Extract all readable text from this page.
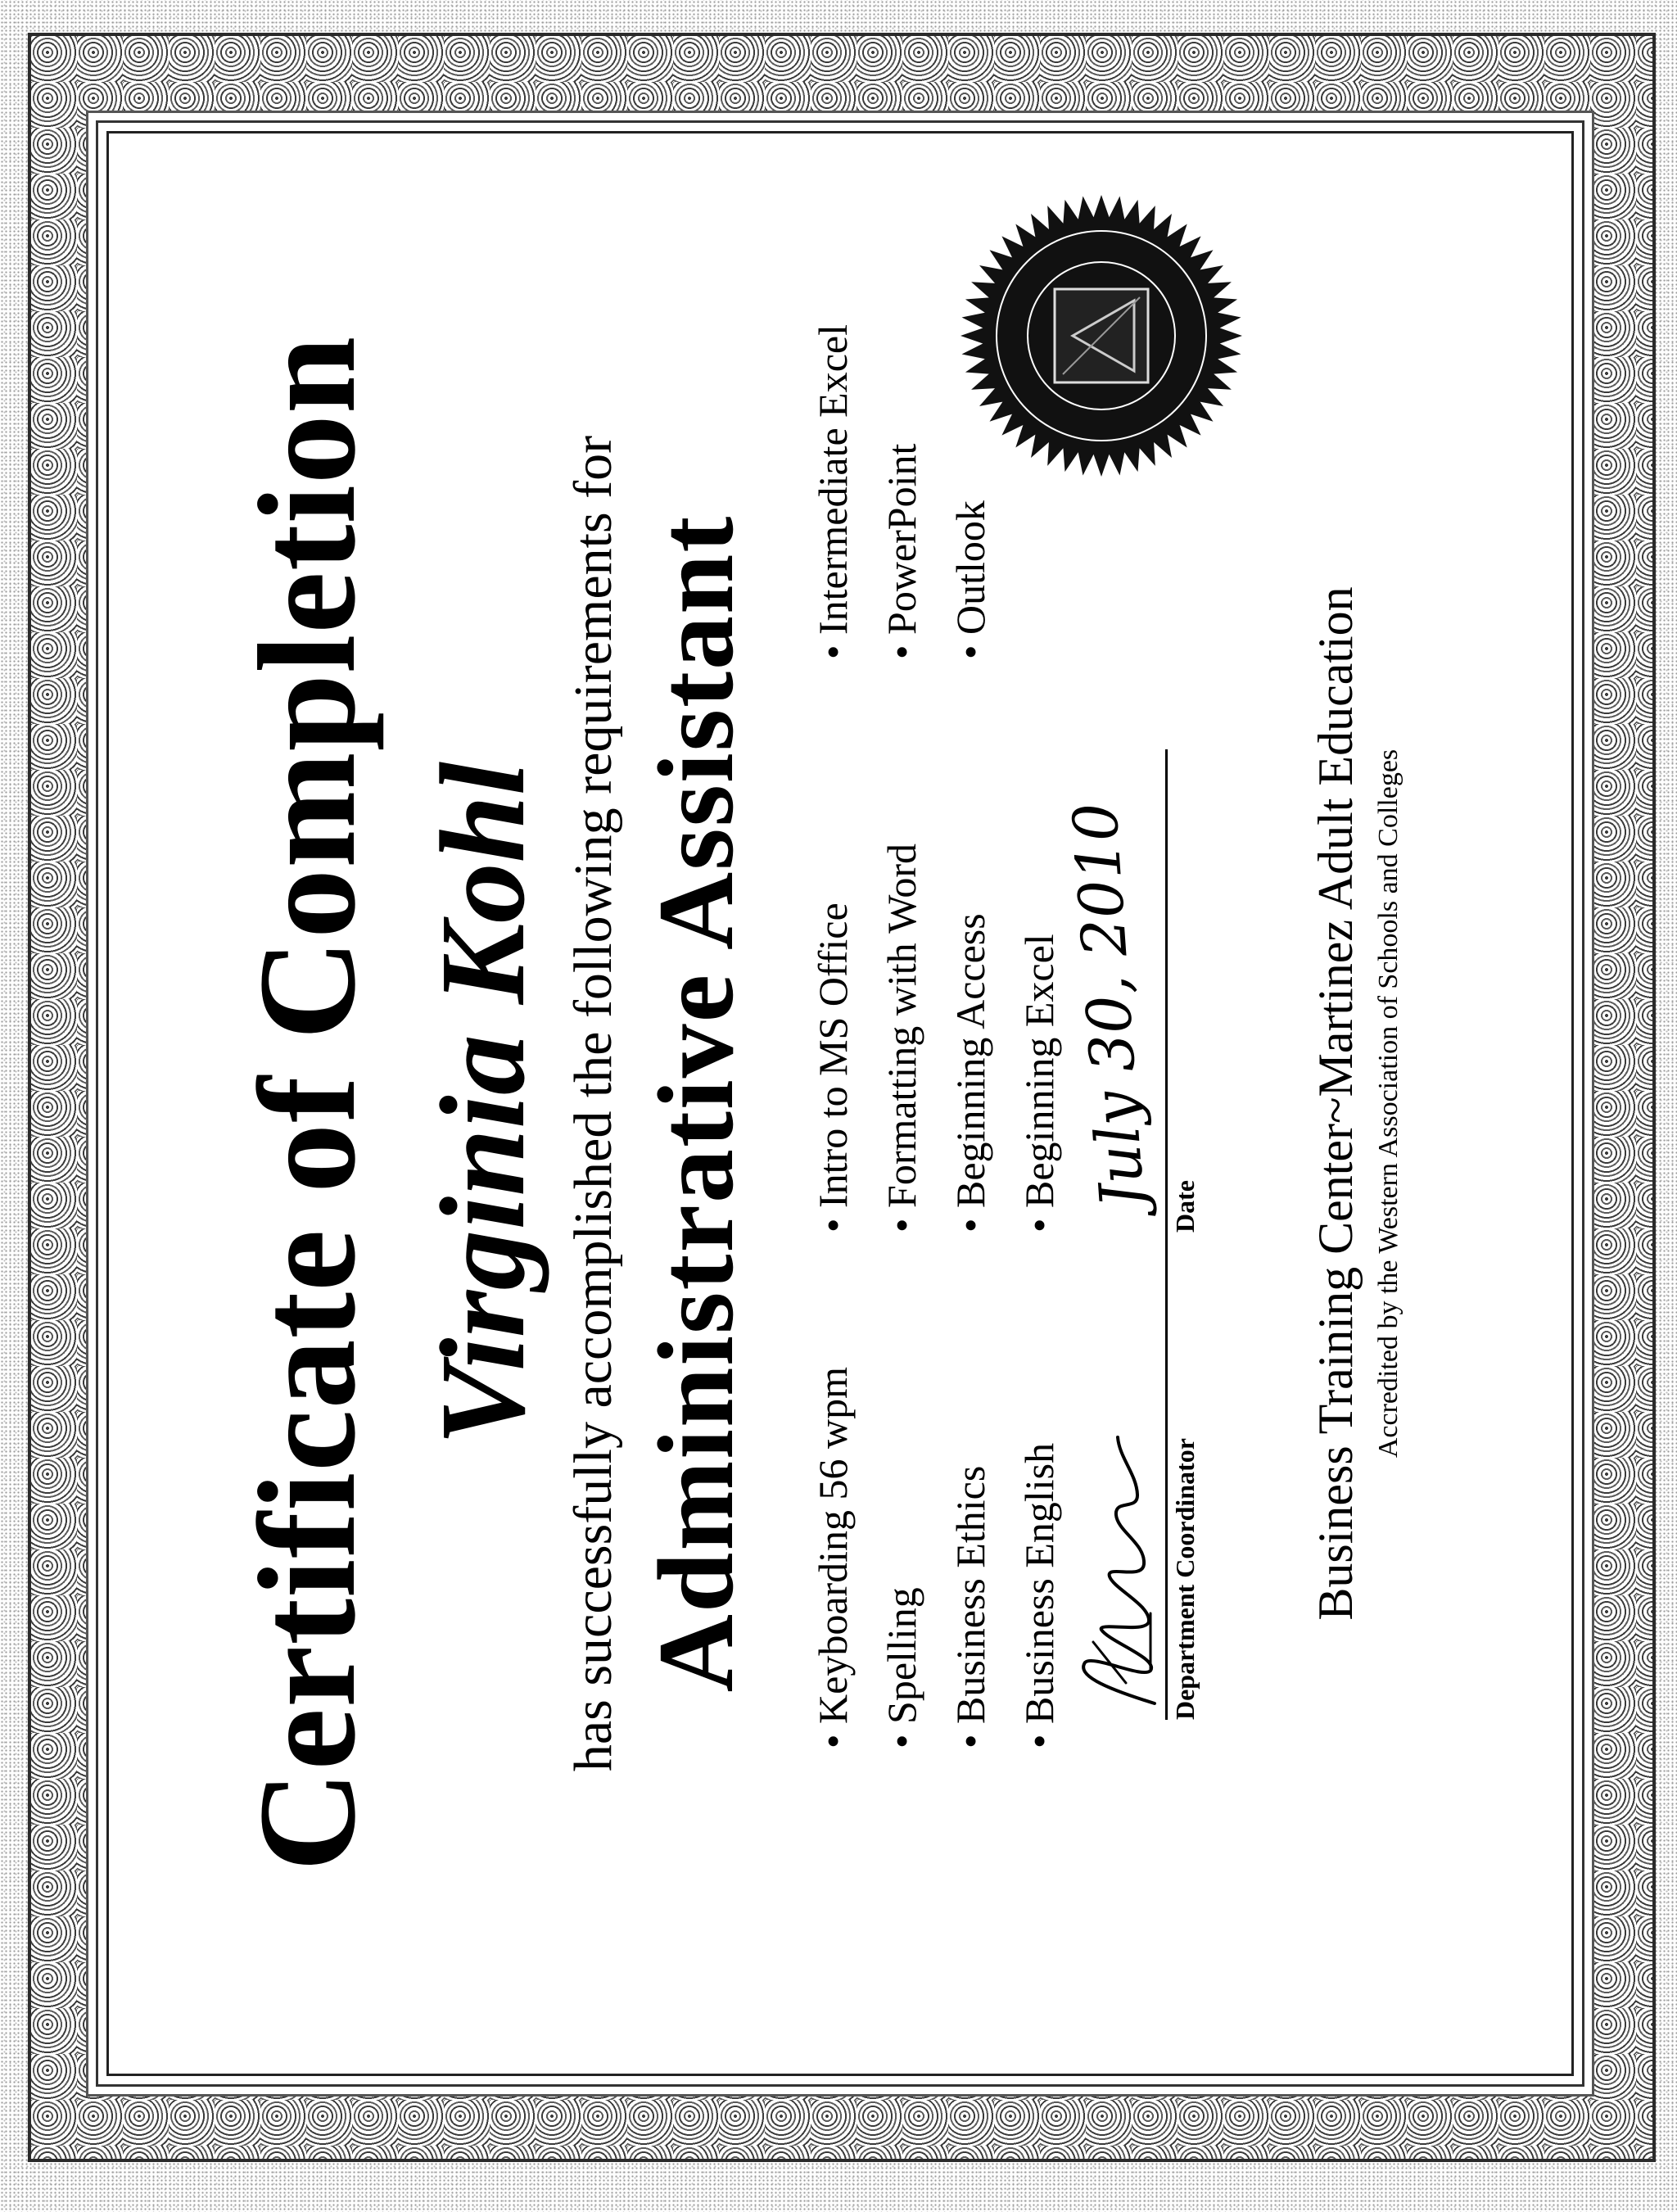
Certificate of Completion Virginia Kohl has successfully accomplished the following requirements for Administrative Assistant • Keyboarding 56 wpm • Spelling • Business Ethics • Business English
• Intro to MS Office • Formatting with Word • Beginning Access • Beginning Excel
• Intermediate Excel • PowerPoint • Outlook
Department Coordinator
July 30, 2010 Date Business Training Center~Martinez Adult Education Accredited by the Western Association of Schools and Colleges
